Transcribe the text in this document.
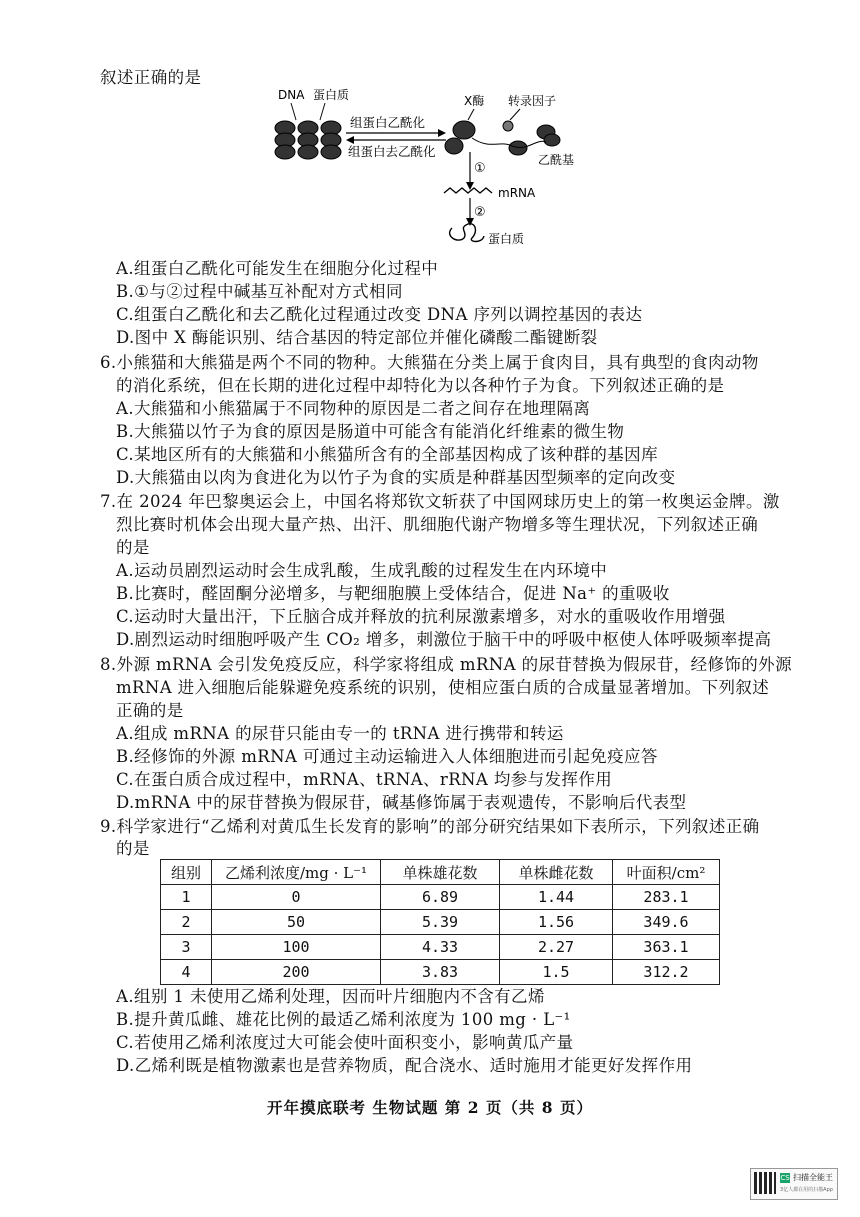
叙述正确的是
DNA 蛋白质
组蛋白乙酰化
组蛋白去乙酰化
X酶 转录因子
乙酰基
①
mRNA
②
蛋白质
A.组蛋白乙酰化可能发生在细胞分化过程中
B.①与②过程中碱基互补配对方式相同
C.组蛋白乙酰化和去乙酰化过程通过改变 DNA 序列以调控基因的表达
D.图中 X 酶能识别、结合基因的特定部位并催化磷酸二酯键断裂
6.小熊猫和大熊猫是两个不同的物种。大熊猫在分类上属于食肉目，具有典型的食肉动物
的消化系统，但在长期的进化过程中却特化为以各种竹子为食。下列叙述正确的是
A.大熊猫和小熊猫属于不同物种的原因是二者之间存在地理隔离
B.大熊猫以竹子为食的原因是肠道中可能含有能消化纤维素的微生物
C.某地区所有的大熊猫和小熊猫所含有的全部基因构成了该种群的基因库
D.大熊猫由以肉为食进化为以竹子为食的实质是种群基因型频率的定向改变
7.在 2024 年巴黎奥运会上，中国名将郑钦文斩获了中国网球历史上的第一枚奥运金牌。激
烈比赛时机体会出现大量产热、出汗、肌细胞代谢产物增多等生理状况，下列叙述正确
的是
A.运动员剧烈运动时会生成乳酸，生成乳酸的过程发生在内环境中
B.比赛时，醛固酮分泌增多，与靶细胞膜上受体结合，促进 Na⁺ 的重吸收
C.运动时大量出汗，下丘脑合成并释放的抗利尿激素增多，对水的重吸收作用增强
D.剧烈运动时细胞呼吸产生 CO₂ 增多，刺激位于脑干中的呼吸中枢使人体呼吸频率提高
8.外源 mRNA 会引发免疫反应，科学家将组成 mRNA 的尿苷替换为假尿苷，经修饰的外源
mRNA 进入细胞后能躲避免疫系统的识别，使相应蛋白质的合成量显著增加。下列叙述
正确的是
A.组成 mRNA 的尿苷只能由专一的 tRNA 进行携带和转运
B.经修饰的外源 mRNA 可通过主动运输进入人体细胞进而引起免疫应答
C.在蛋白质合成过程中，mRNA、tRNA、rRNA 均参与发挥作用
D.mRNA 中的尿苷替换为假尿苷，碱基修饰属于表观遗传，不影响后代表型
9.科学家进行“乙烯利对黄瓜生长发育的影响”的部分研究结果如下表所示，下列叙述正确
的是
组别	乙烯利浓度/mg · L⁻¹	单株雄花数	单株雌花数	叶面积/cm²
1	0	6.89	1.44	283.1
2	50	5.39	1.56	349.6
3	100	4.33	2.27	363.1
4	200	3.83	1.5	312.2
A.组别 1 未使用乙烯利处理，因而叶片细胞内不含有乙烯
B.提升黄瓜雌、雄花比例的最适乙烯利浓度为 100 mg · L⁻¹
C.若使用乙烯利浓度过大可能会使叶面积变小，影响黄瓜产量
D.乙烯利既是植物激素也是营养物质，配合浇水、适时施用才能更好发挥作用
开年摸底联考 生物试题 第 2 页（共 8 页）
CS 扫描全能王
3亿人都在用的扫描App
